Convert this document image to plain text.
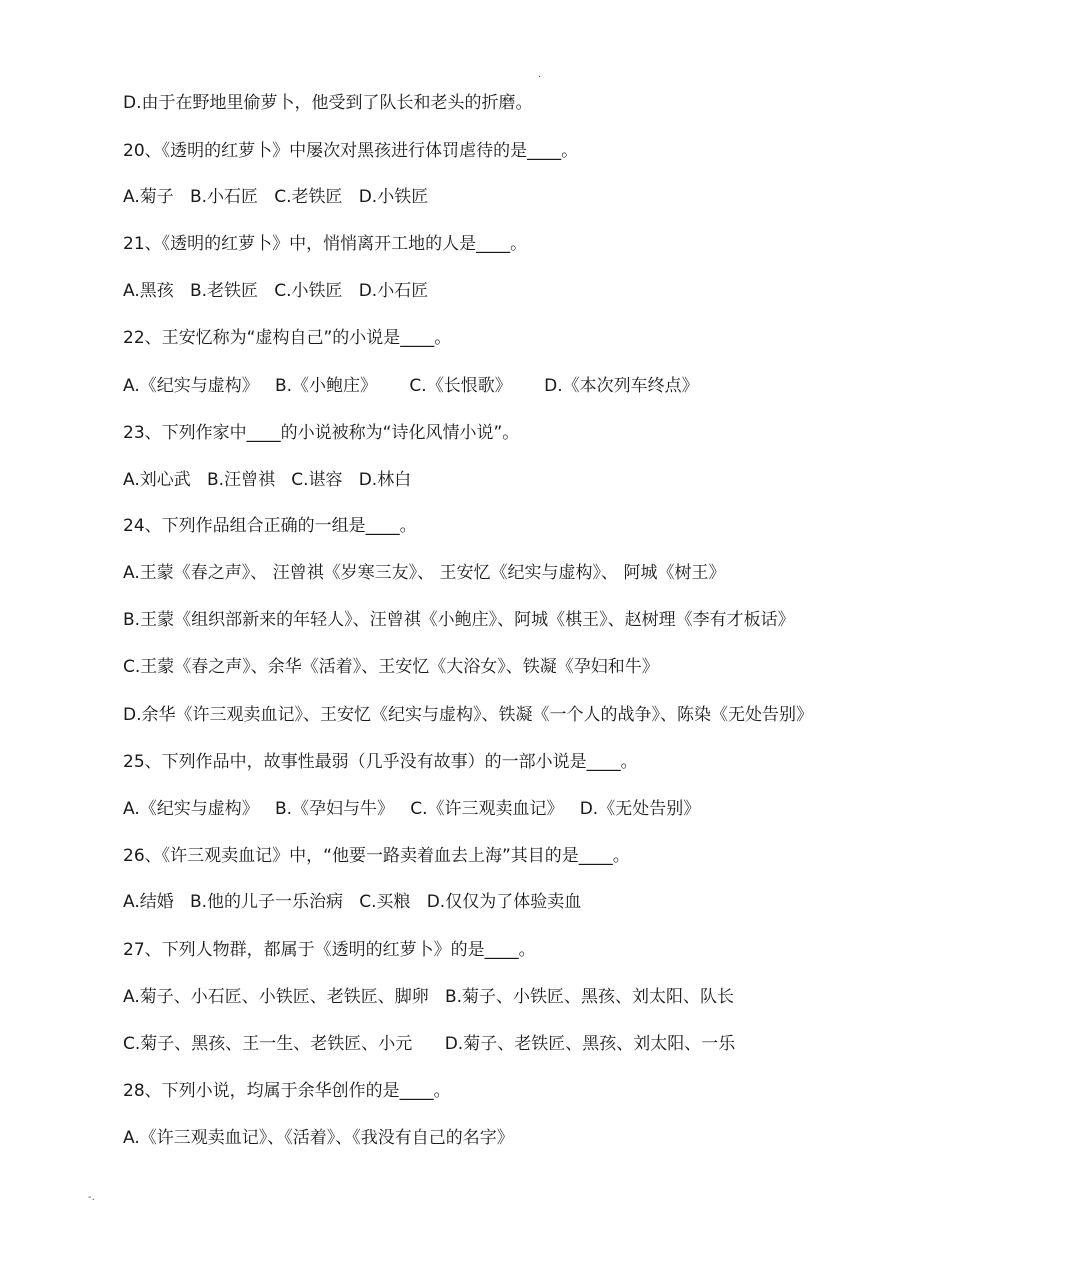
.
D.由于在野地里偷萝卜，他受到了队长和老头的折磨。
20、《透明的红萝卜》中屡次对黑孩进行体罚虐待的是____。
A.菊子   B.小石匠   C.老铁匠   D.小铁匠
21、《透明的红萝卜》中，悄悄离开工地的人是____。
A.黑孩   B.老铁匠   C.小铁匠   D.小石匠
22、王安忆称为“虚构自己”的小说是____。
A.《纪实与虚构》   B.《小鲍庄》      C.《长恨歌》      D.《本次列车终点》
23、下列作家中____的小说被称为“诗化风情小说”。
A.刘心武   B.汪曾祺   C.谌容   D.林白
24、下列作品组合正确的一组是____。
A.王蒙《春之声》、 汪曾祺《岁寒三友》、 王安忆《纪实与虚构》、 阿城《树王》
B.王蒙《组织部新来的年轻人》、汪曾祺《小鲍庄》、阿城《棋王》、赵树理《李有才板话》
C.王蒙《春之声》、余华《活着》、王安忆《大浴女》、铁凝《孕妇和牛》
D.余华《许三观卖血记》、王安忆《纪实与虚构》、铁凝《一个人的战争》、陈染《无处告别》
25、下列作品中，故事性最弱（几乎没有故事）的一部小说是____。
A.《纪实与虚构》   B.《孕妇与牛》   C.《许三观卖血记》   D.《无处告别》
26、《许三观卖血记》中，“他要一路卖着血去上海”其目的是____。
A.结婚   B.他的儿子一乐治病   C.买粮   D.仅仅为了体验卖血
27、下列人物群，都属于《透明的红萝卜》的是____。
A.菊子、小石匠、小铁匠、老铁匠、脚卵   B.菊子、小铁匠、黑孩、刘太阳、队长
C.菊子、黑孩、王一生、老铁匠、小元      D.菊子、老铁匠、黑孩、刘太阳、一乐
28、下列小说，均属于余华创作的是____。
A.《许三观卖血记》、《活着》、《我没有自己的名字》
-.
